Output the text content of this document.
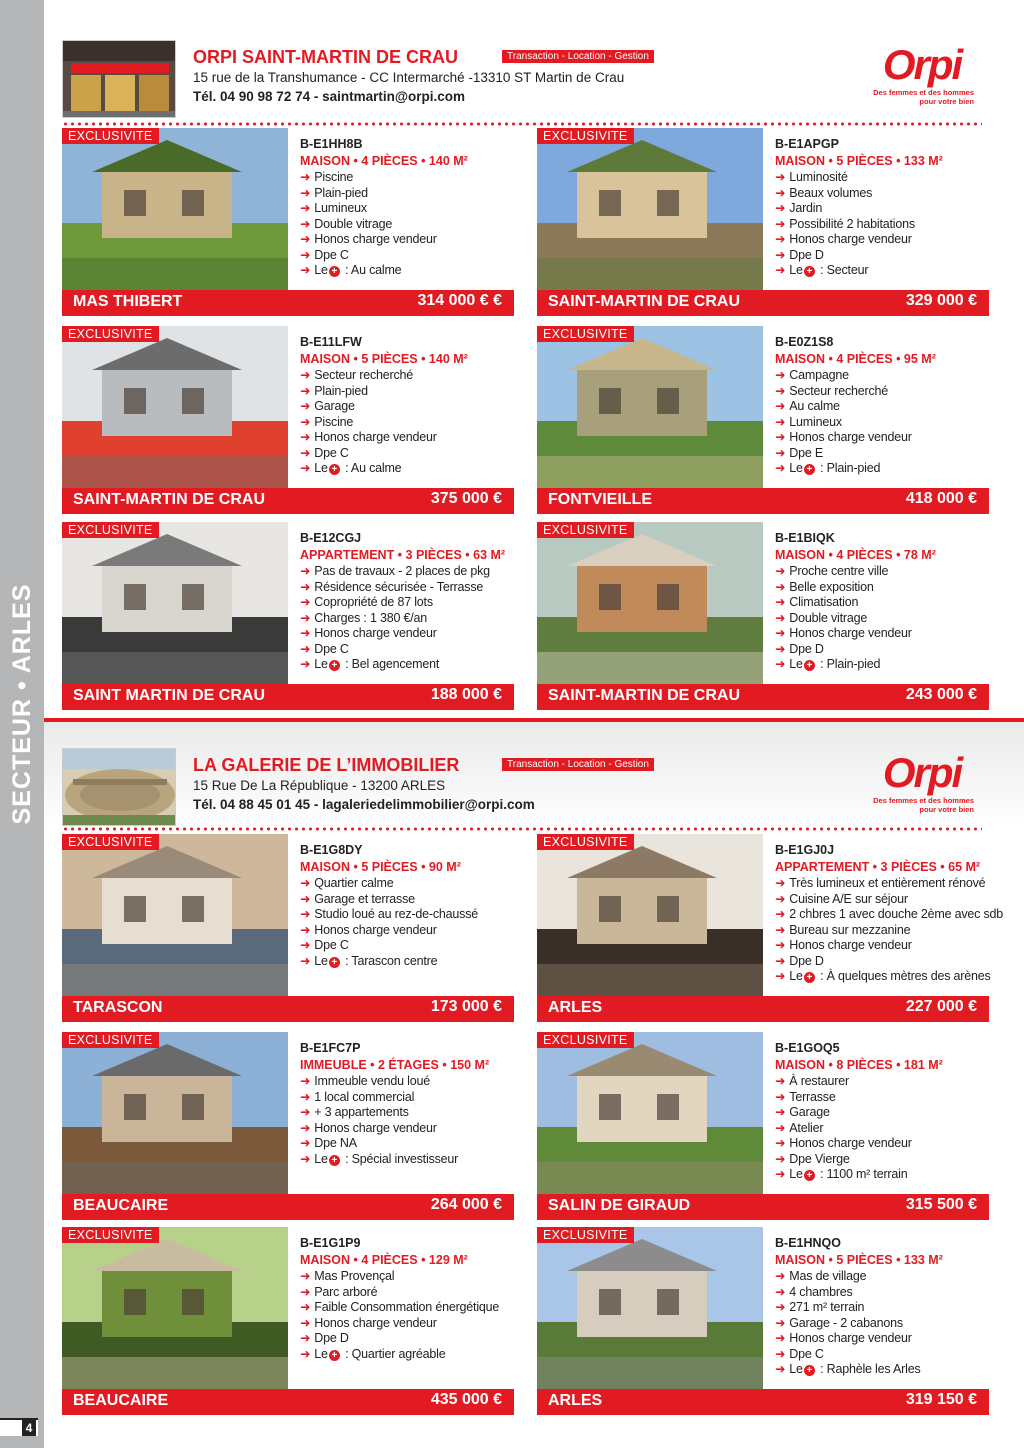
SECTEUR • ARLES
4
ORPI SAINT-MARTIN DE CRAU	Transaction - Location - Gestion
15 rue de la Transhumance - CC Intermarché -13310 ST Martin de Crau
Tél. 04 90 98 72 74 - saintmartin@orpi.com
Orpi
Des femmes et des hommes
pour votre bien
LA GALERIE DE L’IMMOBILIER	Transaction - Location - Gestion
15 Rue De La République - 13200 ARLES
Tél. 04 88 45 01 45 - lagaleriedelimmobilier@orpi.com
Orpi
Des femmes et des hommes
pour votre bien
EXCLUSIVITE
B-E1HH8B
MAISON • 4 PIÈCES • 140 M²
➜ Piscine
➜ Plain-pied
➜ Lumineux
➜ Double vitrage
➜ Honos charge vendeur
➜ Dpe C
➜ Le + : Au calme
MAS THIBERT	314 000 € €
EXCLUSIVITE
B-E1APGP
MAISON • 5 PIÈCES • 133 M²
➜ Luminosité
➜ Beaux volumes
➜ Jardin
➜ Possibilité 2 habitations
➜ Honos charge vendeur
➜ Dpe D
➜ Le + : Secteur
SAINT-MARTIN DE CRAU	329 000 €
EXCLUSIVITE
B-E11LFW
MAISON • 5 PIÈCES • 140 M²
➜ Secteur recherché
➜ Plain-pied
➜ Garage
➜ Piscine
➜ Honos charge vendeur
➜ Dpe C
➜ Le + : Au calme
SAINT-MARTIN DE CRAU	375 000 €
EXCLUSIVITE
B-E0Z1S8
MAISON • 4 PIÈCES • 95 M²
➜ Campagne
➜ Secteur recherché
➜ Au calme
➜ Lumineux
➜ Honos charge vendeur
➜ Dpe E
➜ Le + : Plain-pied
FONTVIEILLE	418 000 €
EXCLUSIVITE
B-E12CGJ
APPARTEMENT • 3 PIÈCES • 63 M²
➜ Pas de travaux - 2 places de pkg
➜ Résidence sécurisée - Terrasse
➜ Copropriété de 87 lots
➜ Charges : 1 380 €/an
➜ Honos charge vendeur
➜ Dpe C
➜ Le + : Bel agencement
SAINT MARTIN DE CRAU	188 000 €
EXCLUSIVITE
B-E1BIQK
MAISON • 4 PIÈCES • 78 M²
➜ Proche centre ville
➜ Belle exposition
➜ Climatisation
➜ Double vitrage
➜ Honos charge vendeur
➜ Dpe D
➜ Le + : Plain-pied
SAINT-MARTIN DE CRAU	243 000 €
EXCLUSIVITE
B-E1G8DY
MAISON • 5 PIÈCES • 90 M²
➜ Quartier calme
➜ Garage et terrasse
➜ Studio loué au rez-de-chaussé
➜ Honos charge vendeur
➜ Dpe C
➜ Le + : Tarascon centre
TARASCON	173 000 €
EXCLUSIVITE
B-E1GJ0J
APPARTEMENT • 3 PIÈCES • 65 M²
➜ Très lumineux et entièrement rénové
➜ Cuisine A/E sur séjour
➜ 2 chbres 1 avec douche 2ème avec sdb
➜ Bureau sur mezzanine
➜ Honos charge vendeur
➜ Dpe D
➜ Le + : À quelques mètres des arènes
ARLES	227 000 €
EXCLUSIVITE
B-E1FC7P
IMMEUBLE • 2 ÉTAGES • 150 M²
➜ Immeuble vendu loué
➜ 1 local commercial
➜ + 3 appartements
➜ Honos charge vendeur
➜ Dpe NA
➜ Le + : Spécial investisseur
BEAUCAIRE	264 000 €
EXCLUSIVITE
B-E1GOQ5
MAISON • 8 PIÈCES • 181 M²
➜ À restaurer
➜ Terrasse
➜ Garage
➜ Atelier
➜ Honos charge vendeur
➜ Dpe Vierge
➜ Le + : 1100 m² terrain
SALIN DE GIRAUD	315 500 €
EXCLUSIVITE
B-E1G1P9
MAISON • 4 PIÈCES • 129 M²
➜ Mas Provençal
➜ Parc arboré
➜ Faible Consommation énergétique
➜ Honos charge vendeur
➜ Dpe D
➜ Le + : Quartier agréable
BEAUCAIRE	435 000 €
EXCLUSIVITE
B-E1HNQO
MAISON • 5 PIÈCES • 133 M²
➜ Mas de village
➜ 4 chambres
➜ 271 m² terrain
➜ Garage - 2 cabanons
➜ Honos charge vendeur
➜ Dpe C
➜ Le + : Raphèle les Arles
ARLES	319 150 €
